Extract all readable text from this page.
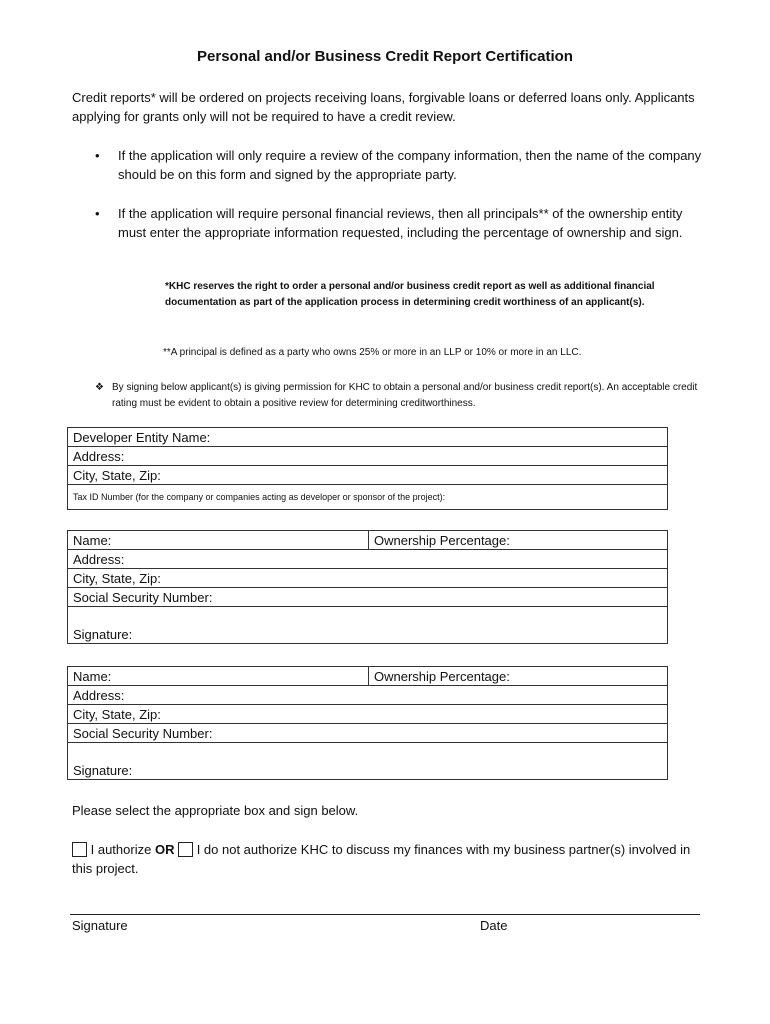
Personal and/or Business Credit Report Certification
Credit reports* will be ordered on projects receiving loans, forgivable loans or deferred loans only. Applicants applying for grants only will not be required to have a credit review.
• If the application will only require a review of the company information, then the name of the company should be on this form and signed by the appropriate party.
• If the application will require personal financial reviews, then all principals** of the ownership entity must enter the appropriate information requested, including the percentage of ownership and sign.
*KHC reserves the right to order a personal and/or business credit report as well as additional financial documentation as part of the application process in determining credit worthiness of an applicant(s).
**A principal is defined as a party who owns 25% or more in an LLP or 10% or more in an LLC.
❖ By signing below applicant(s) is giving permission for KHC to obtain a personal and/or business credit report(s). An acceptable credit rating must be evident to obtain a positive review for determining creditworthiness.
Developer Entity Name:
Address:
City, State, Zip:
Tax ID Number (for the company or companies acting as developer or sponsor of the project):
Name:	Ownership Percentage:
Address:
City, State, Zip:
Social Security Number:
Signature:
Name:	Ownership Percentage:
Address:
City, State, Zip:
Social Security Number:
Signature:
Please select the appropriate box and sign below.
I authorize OR I do not authorize KHC to discuss my finances with my business partner(s) involved in this project.
Signature	Date
